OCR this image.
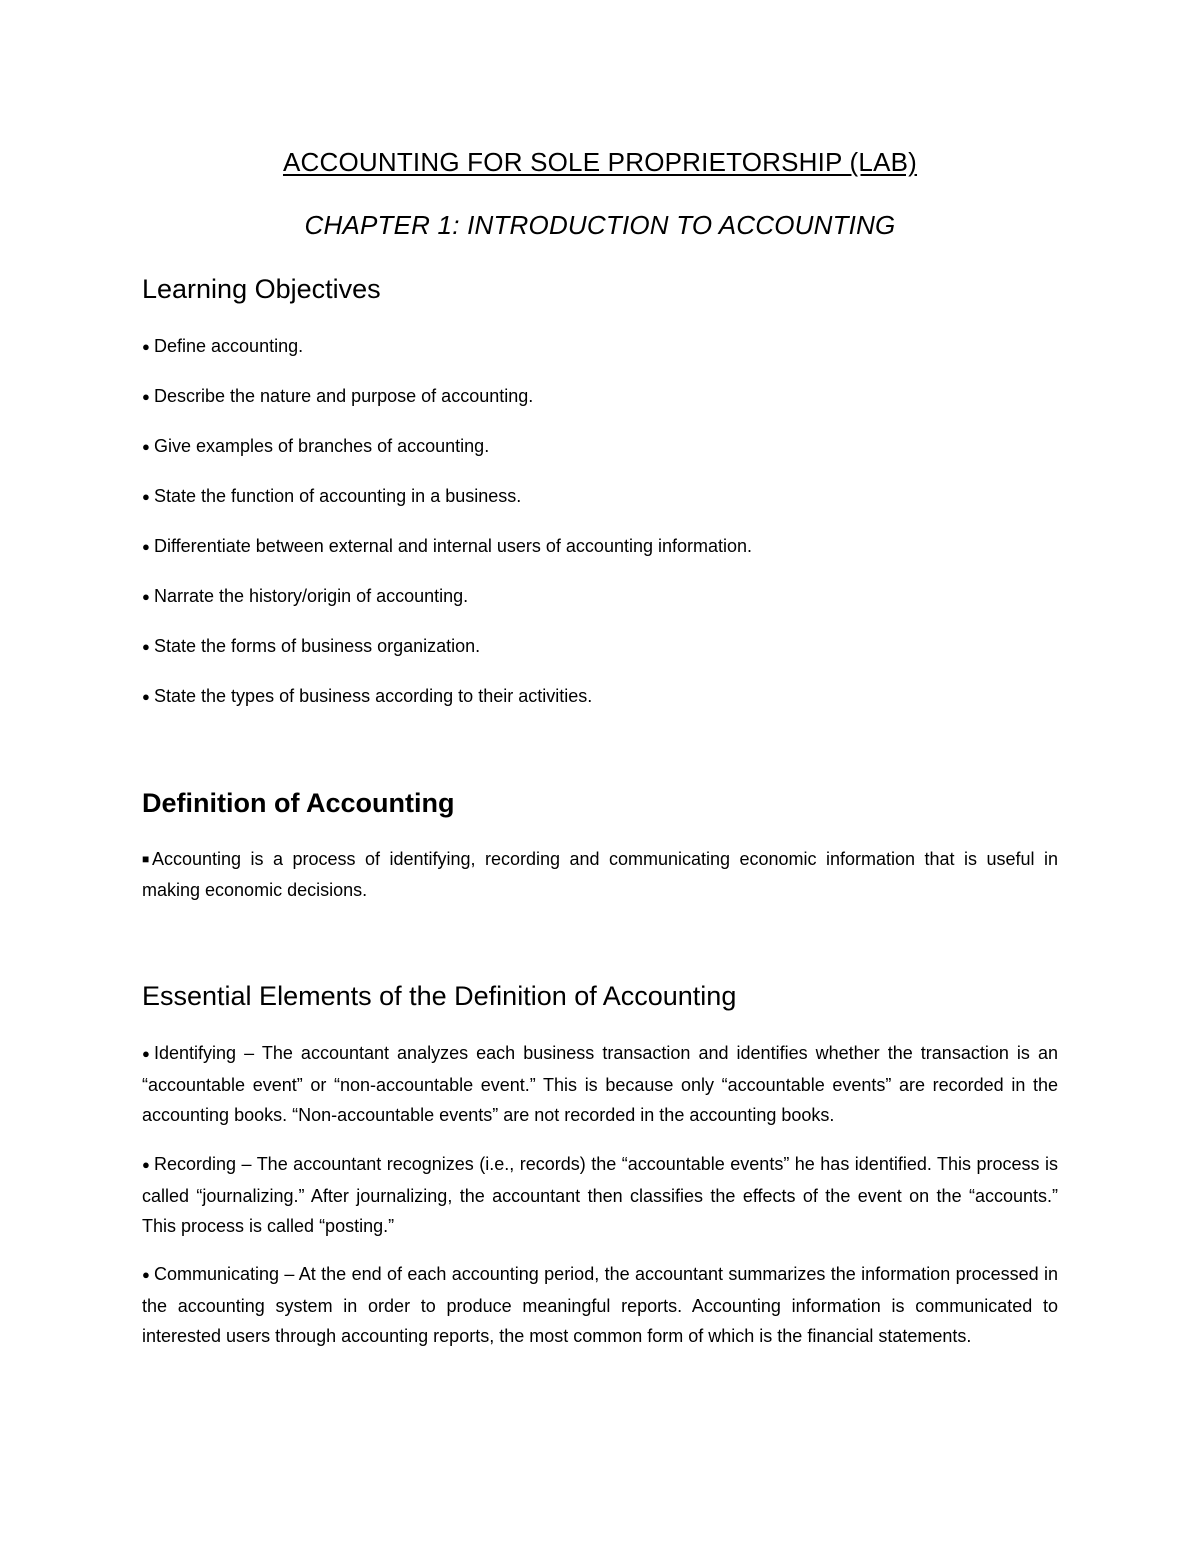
ACCOUNTING FOR SOLE PROPRIETORSHIP (LAB)
CHAPTER 1: INTRODUCTION TO ACCOUNTING
Learning Objectives
● Define accounting.
● Describe the nature and purpose of accounting.
● Give examples of branches of accounting.
● State the function of accounting in a business.
● Differentiate between external and internal users of accounting information.
● Narrate the history/origin of accounting.
● State the forms of business organization.
● State the types of business according to their activities.
Definition of Accounting

■ Accounting is a process of identifying, recording and communicating economic information that is useful in making economic decisions.

Essential Elements of the Definition of Accounting

● Identifying – The accountant analyzes each business transaction and identifies whether the transaction is an “accountable event” or “non-accountable event.” This is because only “accountable events” are recorded in the accounting books. “Non-accountable events” are not recorded in the accounting books.

● Recording – The accountant recognizes (i.e., records) the “accountable events” he has identified. This process is called “journalizing.” After journalizing, the accountant then classifies the effects of the event on the “accounts.” This process is called “posting.”

● Communicating – At the end of each accounting period, the accountant summarizes the information processed in the accounting system in order to produce meaningful reports. Accounting information is communicated to interested users through accounting reports, the most common form of which is the financial statements.
